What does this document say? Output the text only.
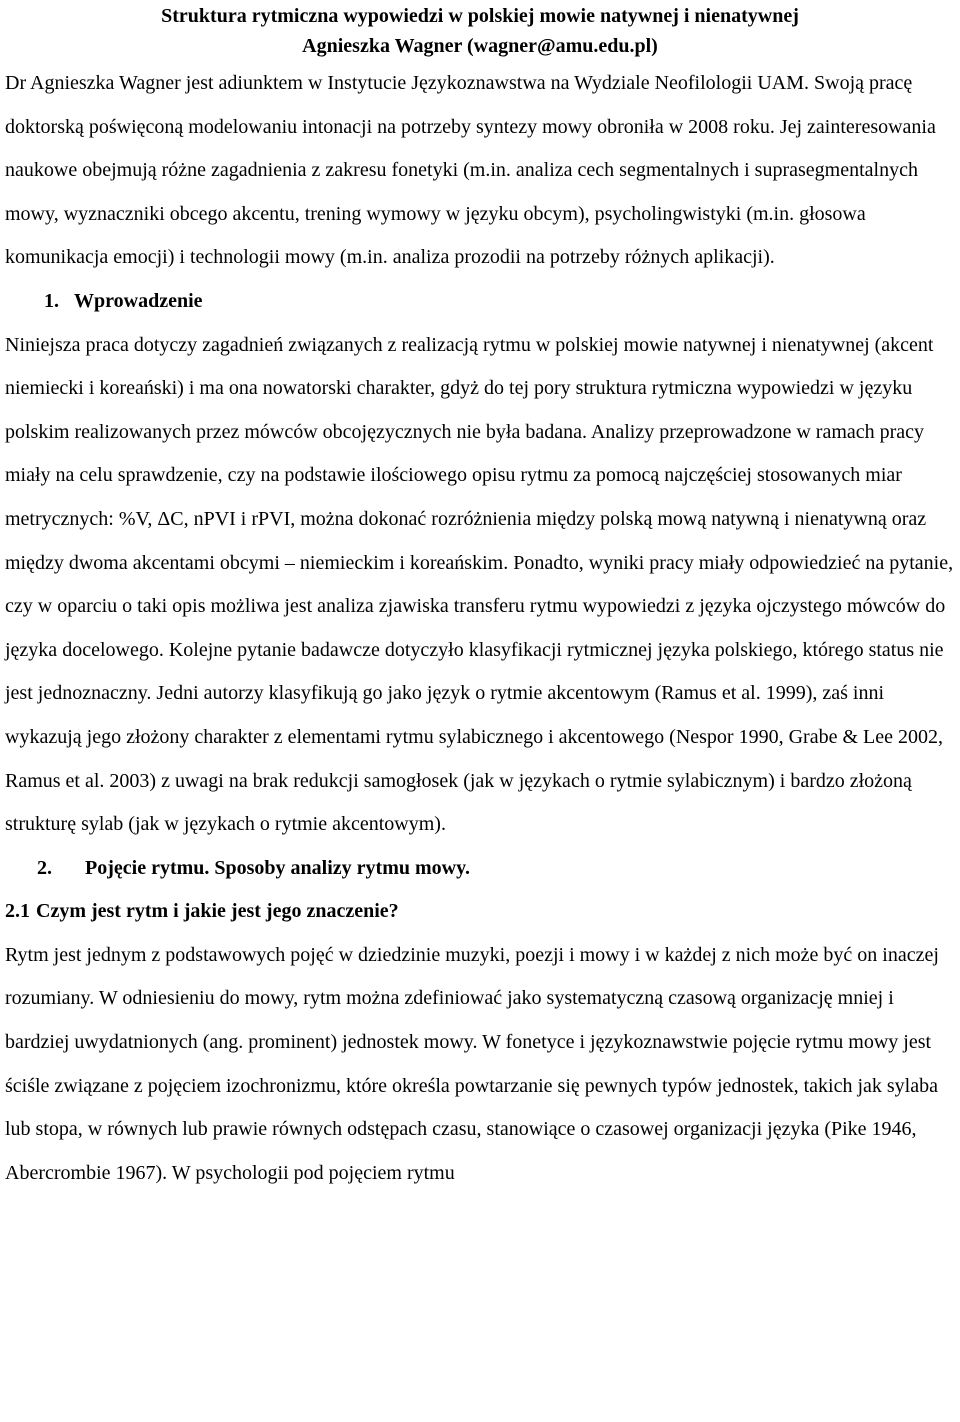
Struktura rytmiczna wypowiedzi w polskiej mowie natywnej i nienatywnej
Agnieszka Wagner (wagner@amu.edu.pl)

Dr Agnieszka Wagner jest adiunktem w Instytucie Językoznawstwa na Wydziale Neofilologii UAM. Swoją pracę doktorską poświęconą modelowaniu intonacji na potrzeby syntezy mowy obroniła w 2008 roku. Jej zainteresowania naukowe obejmują różne zagadnienia z zakresu fonetyki (m.in. analiza cech segmentalnych i suprasegmentalnych mowy, wyznaczniki obcego akcentu, trening wymowy w języku obcym), psycholingwistyki (m.in. głosowa komunikacja emocji) i technologii mowy (m.in. analiza prozodii na potrzeby różnych aplikacji).

1. Wprowadzenie

Niniejsza praca dotyczy zagadnień związanych z realizacją rytmu w polskiej mowie natywnej i nienatywnej (akcent niemiecki i koreański) i ma ona nowatorski charakter, gdyż do tej pory struktura rytmiczna wypowiedzi w języku polskim realizowanych przez mówców obcojęzycznych nie była badana. Analizy przeprowadzone w ramach pracy miały na celu sprawdzenie, czy na podstawie ilościowego opisu rytmu za pomocą najczęściej stosowanych miar metrycznych: %V, ΔC, nPVI i rPVI, można dokonać rozróżnienia między polską mową natywną i nienatywną oraz między dwoma akcentami obcymi – niemieckim i koreańskim. Ponadto, wyniki pracy miały odpowiedzieć na pytanie, czy w oparciu o taki opis możliwa jest analiza zjawiska transferu rytmu wypowiedzi z języka ojczystego mówców do języka docelowego. Kolejne pytanie badawcze dotyczyło klasyfikacji rytmicznej języka polskiego, którego status nie jest jednoznaczny. Jedni autorzy klasyfikują go jako język o rytmie akcentowym (Ramus et al. 1999), zaś inni wykazują jego złożony charakter z elementami rytmu sylabicznego i akcentowego (Nespor 1990, Grabe & Lee 2002, Ramus et al. 2003) z uwagi na brak redukcji samogłosek (jak w językach o rytmie sylabicznym) i bardzo złożoną strukturę sylab (jak w językach o rytmie akcentowym).

2. Pojęcie rytmu. Sposoby analizy rytmu mowy.
2.1 Czym jest rytm i jakie jest jego znaczenie?

Rytm jest jednym z podstawowych pojęć w dziedzinie muzyki, poezji i mowy i w każdej z nich może być on inaczej rozumiany. W odniesieniu do mowy, rytm można zdefiniować jako systematyczną czasową organizację mniej i bardziej uwydatnionych (ang. prominent) jednostek mowy. W fonetyce i językoznawstwie pojęcie rytmu mowy jest ściśle związane z pojęciem izochronizmu, które określa powtarzanie się pewnych typów jednostek, takich jak sylaba lub stopa, w równych lub prawie równych odstępach czasu, stanowiące o czasowej organizacji języka (Pike 1946, Abercrombie 1967). W psychologii pod pojęciem rytmu
